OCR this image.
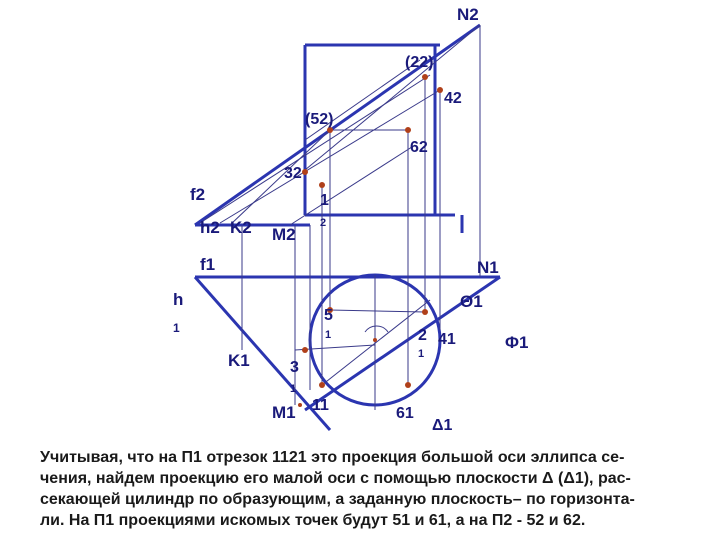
N2
(22)
42
(52)
62
32
1
2
f2
h2 K2 M2
f1	N1
h
1
Θ1
5
1	2
1
41	Φ1
K1	3
1
M1 11	61
Δ1
Учитывая, что на П1 отрезок 1121 это проекция большой оси эллипса се-
чения, найдем проекцию его малой оси с помощью плоскости Δ (Δ1), рас-
секающей цилиндр по образующим, а заданную плоскость– по горизонта-
ли. На П1 проекциями искомых точек будут 51 и 61, а на П2 - 52 и 62.
